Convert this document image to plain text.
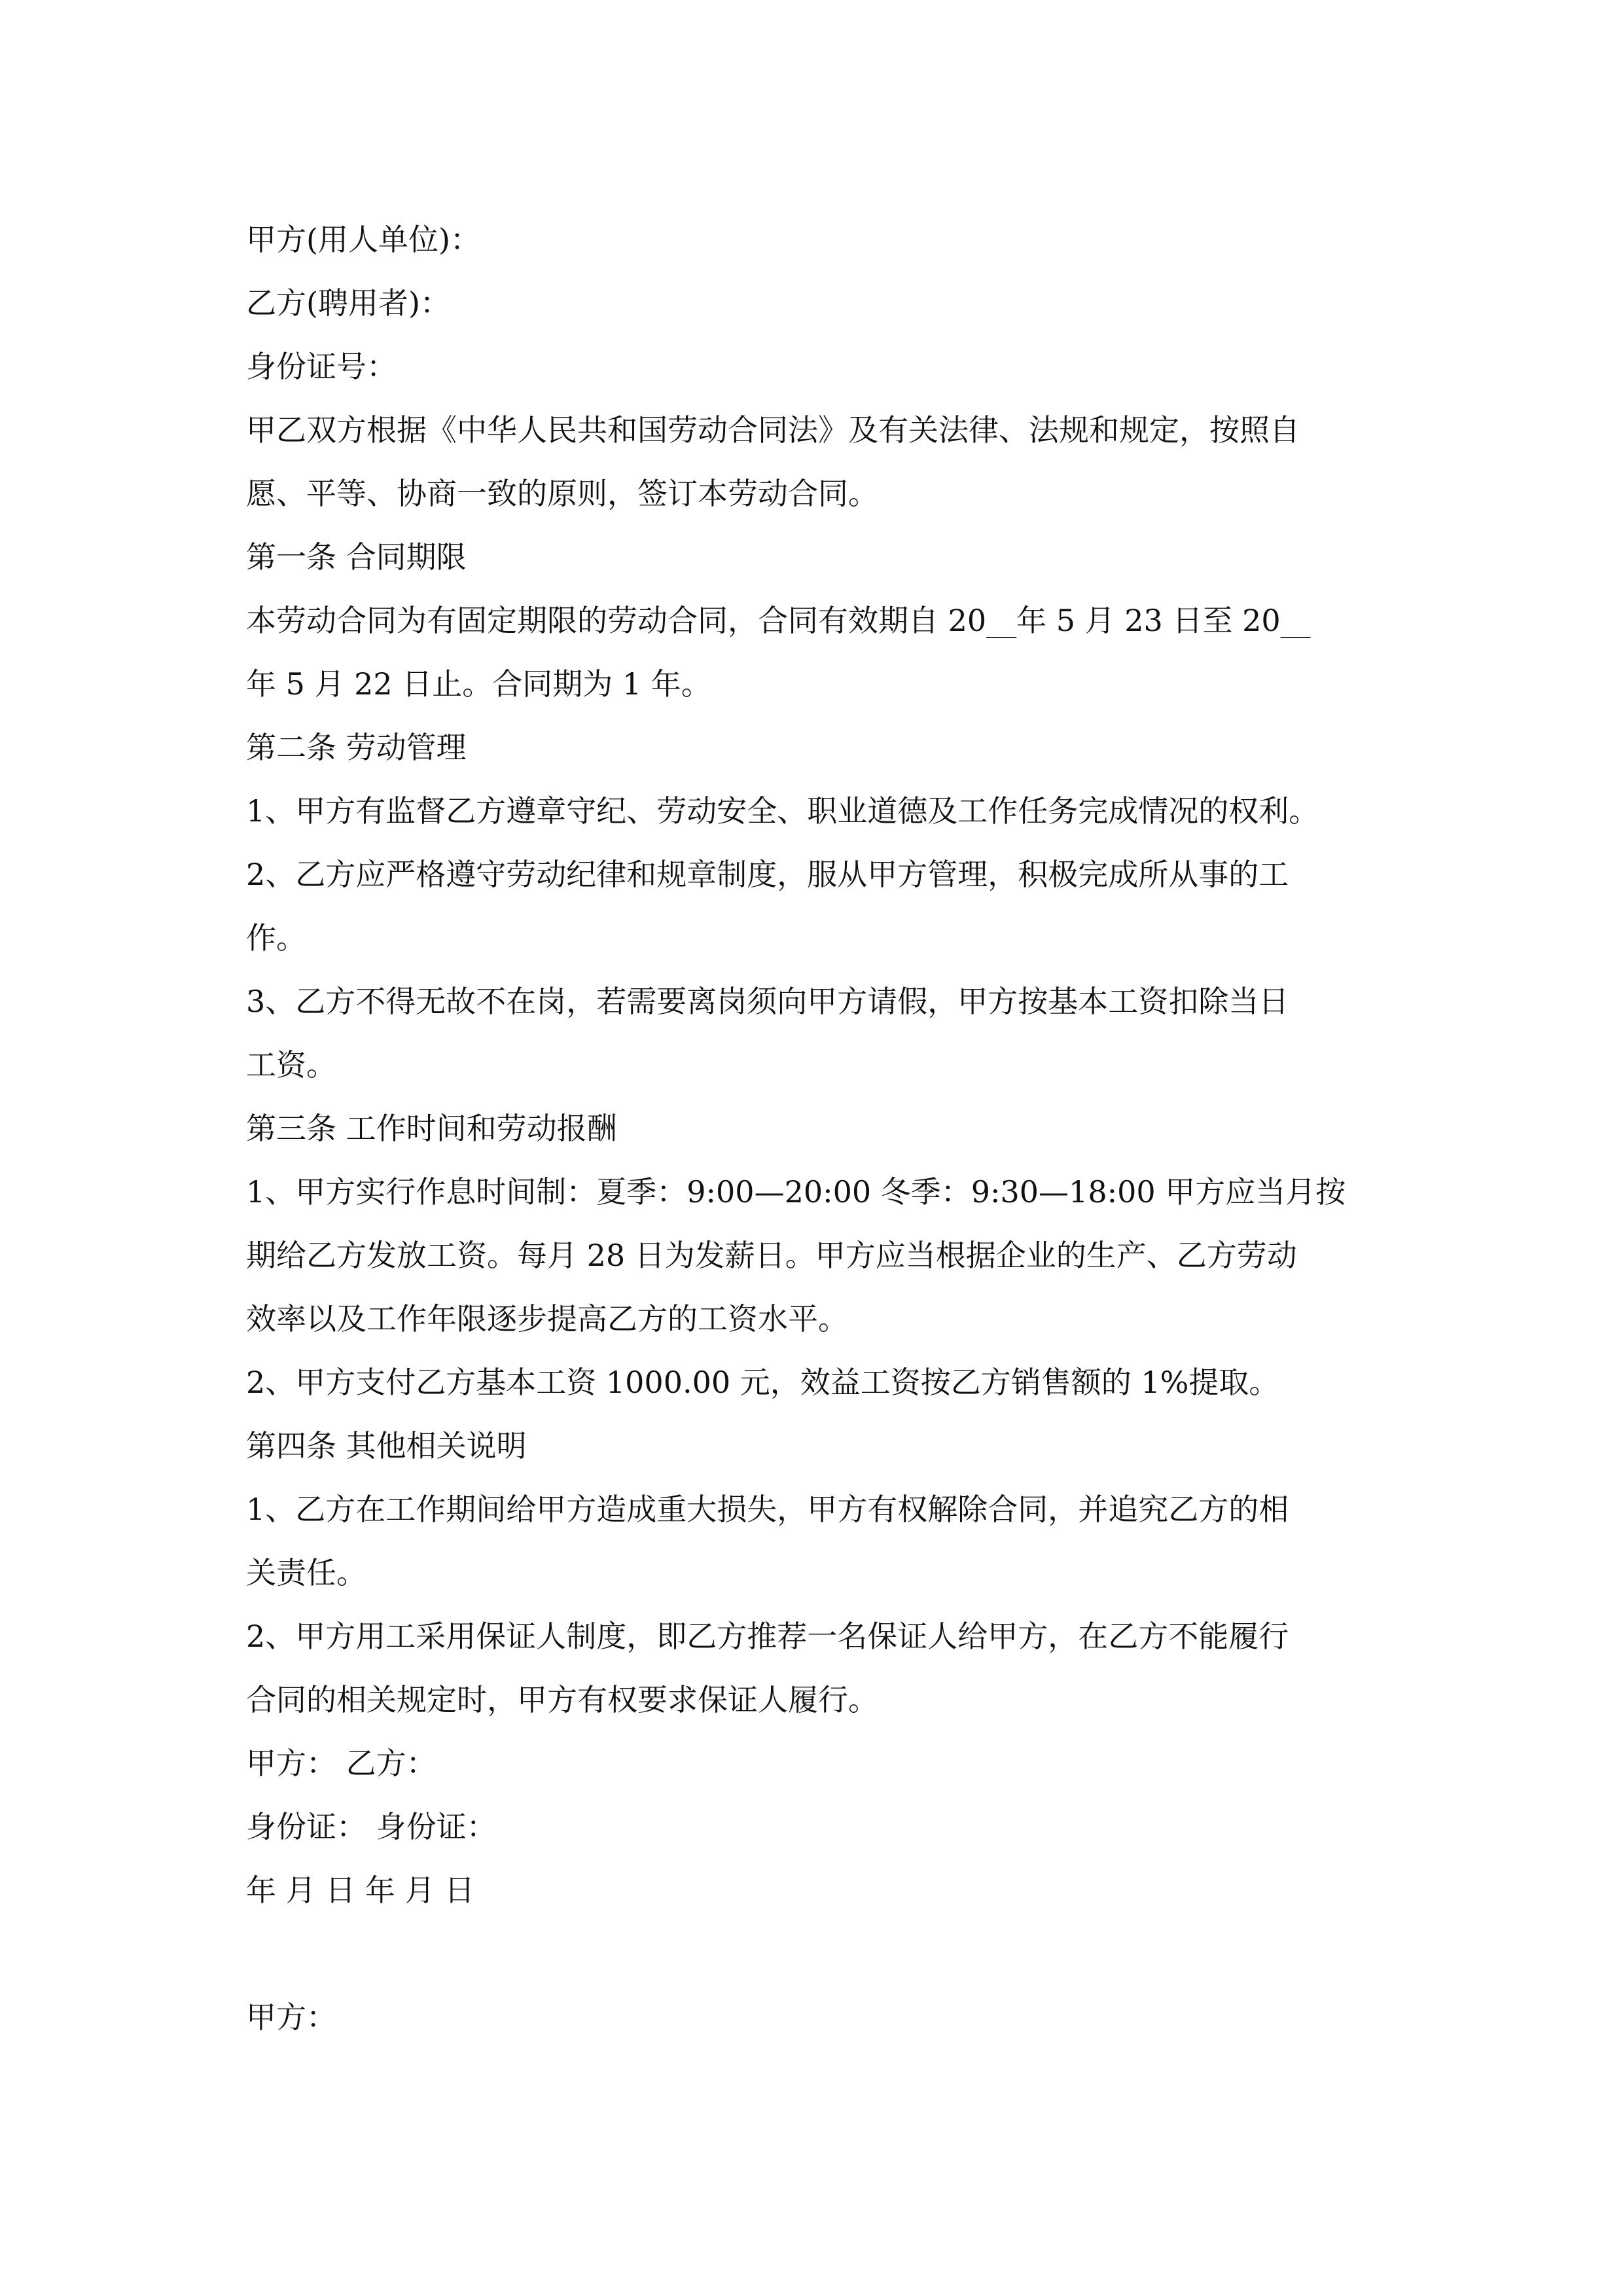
甲方(用人单位)：
乙方(聘用者)：
身份证号：
甲乙双方根据《中华人民共和国劳动合同法》及有关法律、法规和规定，按照自
愿、平等、协商一致的原则，签订本劳动合同。
第一条 合同期限
本劳动合同为有固定期限的劳动合同，合同有效期自 20__年 5 月 23 日至 20__
年 5 月 22 日止。合同期为 1 年。
第二条 劳动管理
1、甲方有监督乙方遵章守纪、劳动安全、职业道德及工作任务完成情况的权利。
2、乙方应严格遵守劳动纪律和规章制度，服从甲方管理，积极完成所从事的工
作。
3、乙方不得无故不在岗，若需要离岗须向甲方请假，甲方按基本工资扣除当日
工资。
第三条 工作时间和劳动报酬
1、甲方实行作息时间制：夏季：9:00—20:00 冬季：9:30—18:00 甲方应当月按
期给乙方发放工资。每月 28 日为发薪日。甲方应当根据企业的生产、乙方劳动
效率以及工作年限逐步提高乙方的工资水平。
2、甲方支付乙方基本工资 1000.00 元，效益工资按乙方销售额的 1%提取。
第四条 其他相关说明
1、乙方在工作期间给甲方造成重大损失，甲方有权解除合同，并追究乙方的相
关责任。
2、甲方用工采用保证人制度，即乙方推荐一名保证人给甲方，在乙方不能履行
合同的相关规定时，甲方有权要求保证人履行。
甲方： 乙方：
身份证： 身份证：
年 月 日 年 月 日
甲方：
